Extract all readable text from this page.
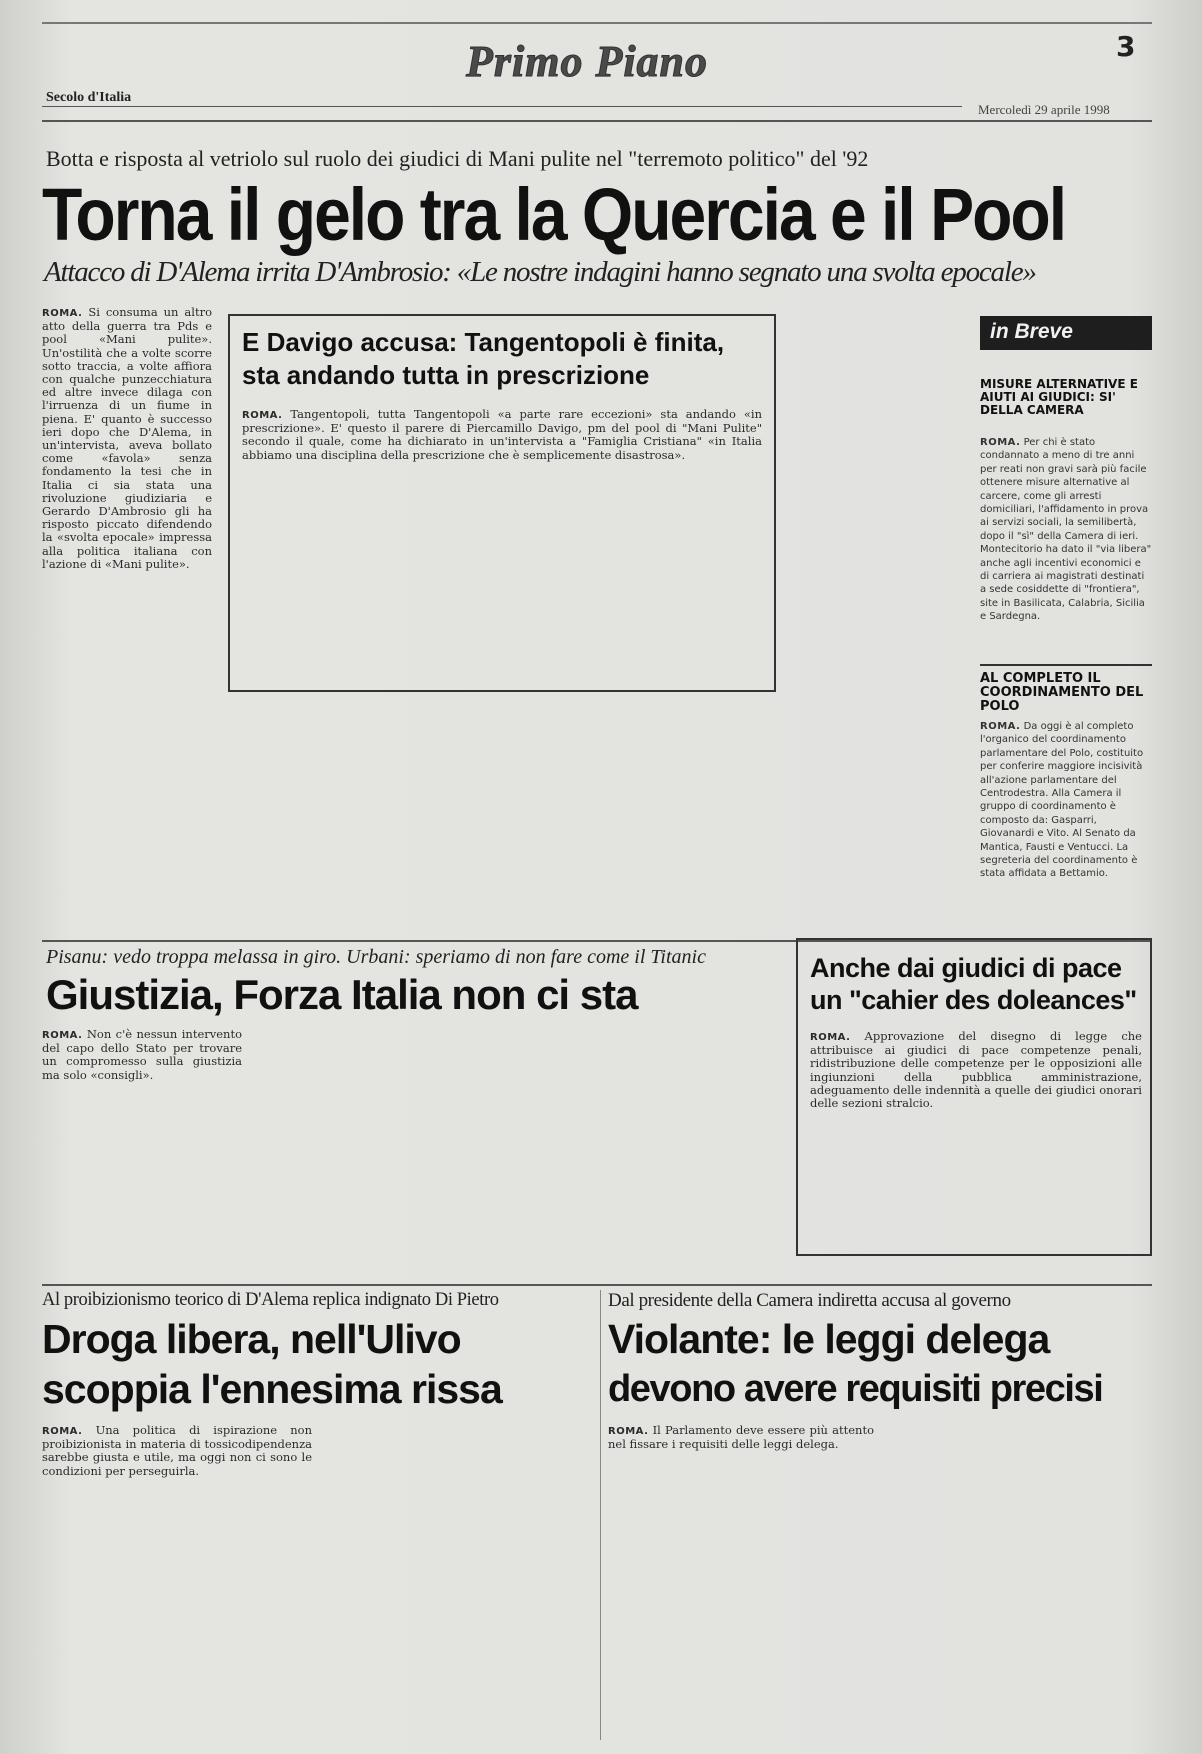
Primo Piano	3
Secolo d'Italia
Mercoledì 29 aprile 1998
Botta e risposta al vetriolo sul ruolo dei giudici di Mani pulite nel "terremoto politico" del '92
Torna il gelo tra la Quercia e il Pool
Attacco di D'Alema irrita D'Ambrosio: «Le nostre indagini hanno segnato una svolta epocale»

ROMA. Si consuma un altro atto della guerra tra Pds e pool «Mani pulite». Un'ostilità che a volte scorre sotto traccia, a volte affiora con qualche punzecchiatura ed altre invece dilaga con l'irruenza di un fiume in piena. E' quanto è successo ieri dopo che D'Alema, in un'intervista, aveva bollato come «favola» senza fondamento la tesi che in Italia ci sia stata una rivoluzione giudiziaria e Gerardo D'Ambrosio gli ha risposto piccato difendendo la «svolta epocale» impressa alla politica italiana con l'azione di «Mani pulite».

E Davigo accusa: Tangentopoli è finita, sta andando tutta in prescrizione

ROMA. Tangentopoli, tutta Tangentopoli «a parte rare eccezioni» sta andando «in prescrizione». E' questo il parere di Piercamillo Davigo, pm del pool di "Mani Pulite" secondo il quale, come ha dichiarato in un'intervista a "Famiglia Cristiana" «in Italia abbiamo una disciplina della prescrizione che è semplicemente disastrosa».

in Breve
MISURE ALTERNATIVE E AIUTI AI GIUDICI: SI' DELLA CAMERA
ROMA. Per chi è stato condannato a meno di tre anni per reati non gravi sarà più facile ottenere misure alternative al carcere, come gli arresti domiciliari, l'affidamento in prova ai servizi sociali, la semilibertà, dopo il "sì" della Camera di ieri. Montecitorio ha dato il "via libera" anche agli incentivi economici e di carriera ai magistrati destinati a sede cosiddette di "frontiera", site in Basilicata, Calabria, Sicilia e Sardegna.
AL COMPLETO IL COORDINAMENTO DEL POLO
ROMA. Da oggi è al completo l'organico del coordinamento parlamentare del Polo, costituito per conferire maggiore incisività all'azione parlamentare del Centrodestra. Alla Camera il gruppo di coordinamento è composto da: Gasparri, Giovanardi e Vito. Al Senato da Mantica, Fausti e Ventucci. La segreteria del coordinamento è stata affidata a Bettamio.
Pisanu: vedo troppa melassa in giro. Urbani: speriamo di non fare come il Titanic
Giustizia, Forza Italia non ci sta

ROMA. Non c'è nessun intervento del capo dello Stato per trovare un compromesso sulla giustizia ma solo «consigli».

Anche dai giudici di pace un "cahier des doleances"

ROMA. Approvazione del disegno di legge che attribuisce ai giudici di pace competenze penali, ridistribuzione delle competenze per le opposizioni alle ingiunzioni della pubblica amministrazione, adeguamento delle indennità a quelle dei giudici onorari delle sezioni stralcio.

Al proibizionismo teorico di D'Alema replica indignato Di Pietro
Droga libera, nell'Ulivo
scoppia l'ennesima rissa

ROMA. Una politica di ispirazione non proibizionista in materia di tossicodipendenza sarebbe giusta e utile, ma oggi non ci sono le condizioni per perseguirla.

Dal presidente della Camera indiretta accusa al governo
Violante: le leggi delega
devono avere requisiti precisi

ROMA. Il Parlamento deve essere più attento nel fissare i requisiti delle leggi delega.
